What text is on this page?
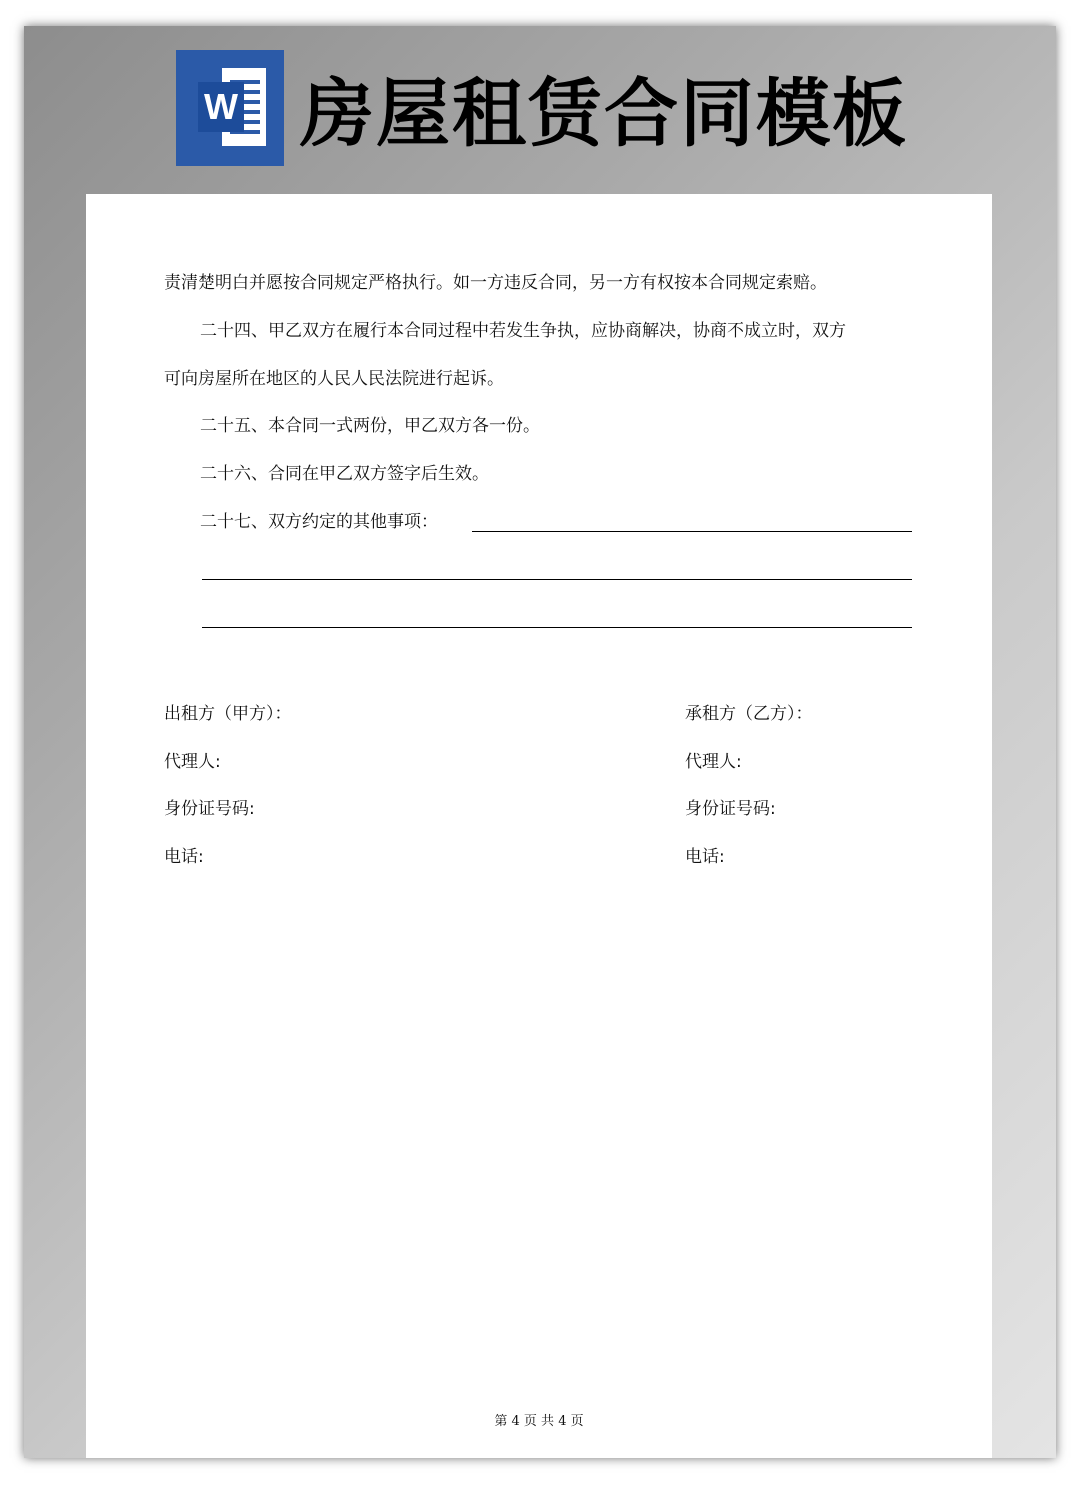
W 房屋租赁合同模板
责清楚明白并愿按合同规定严格执行。如一方违反合同，另一方有权按本合同规定索赔。
二十四、甲乙双方在履行本合同过程中若发生争执，应协商解决，协商不成立时，双方
可向房屋所在地区的人民人民法院进行起诉。
二十五、本合同一式两份，甲乙双方各一份。
二十六、合同在甲乙双方签字后生效。
二十七、双方约定的其他事项：
出租方（甲方）：
代理人:
身份证号码:
电话:
承租方（乙方）：
代理人:
身份证号码:
电话:
第 4 页 共 4 页
